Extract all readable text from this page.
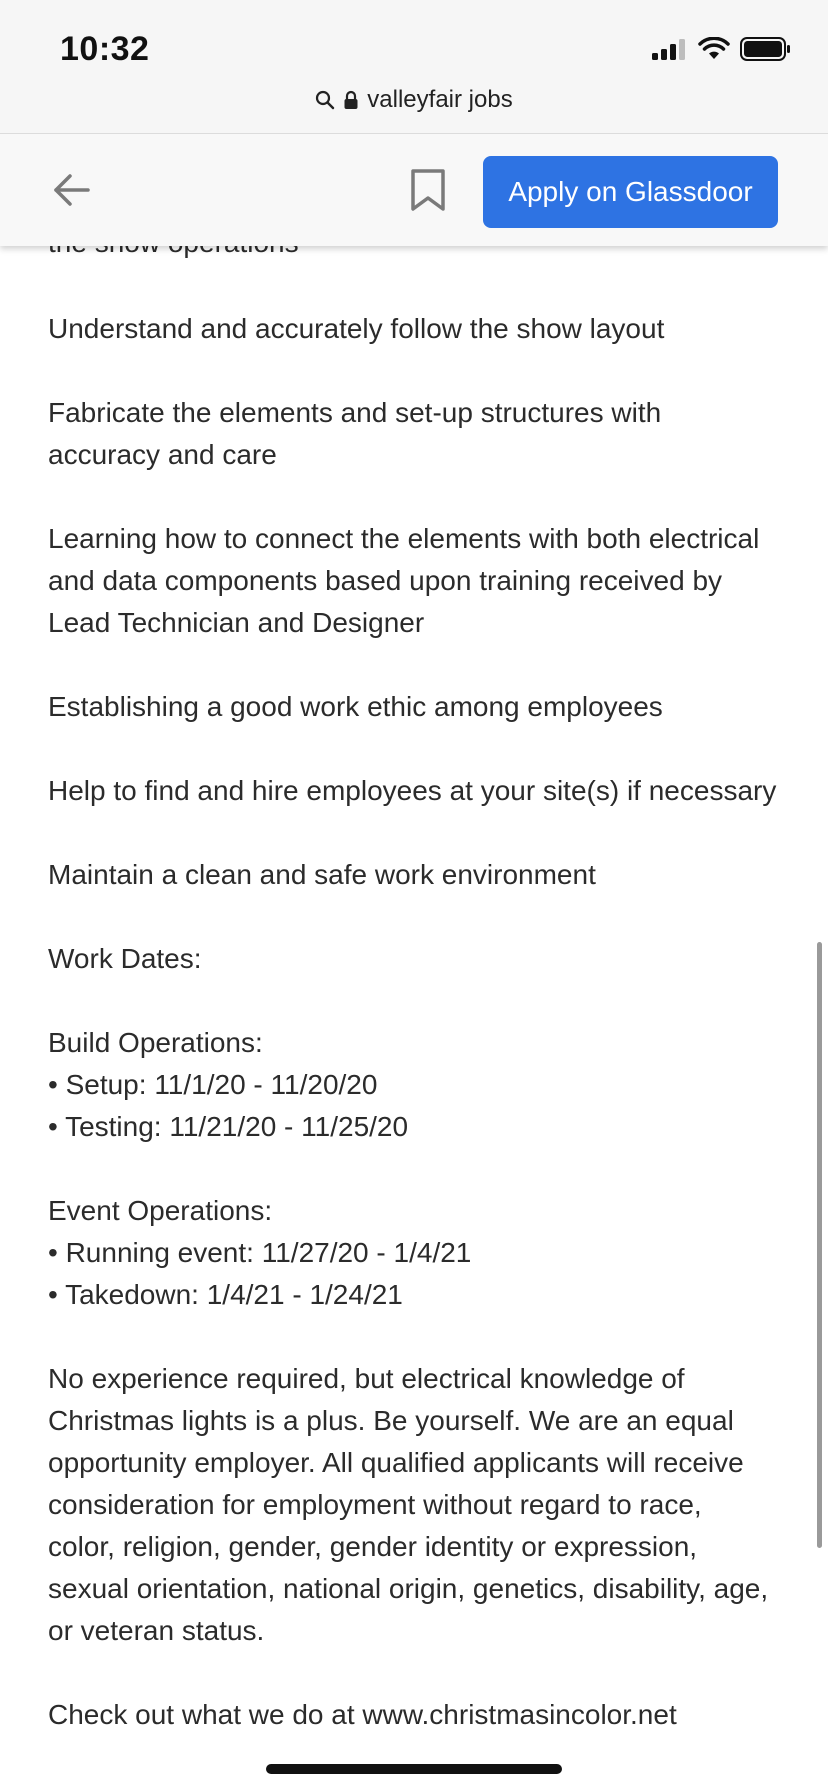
Understand and accurately follow the show layout

Fabricate the elements and set-up structures with
accuracy and care

Learning how to connect the elements with both electrical
and data components based upon training received by
Lead Technician and Designer

Establishing a good work ethic among employees

Help to find and hire employees at your site(s) if necessary

Maintain a clean and safe work environment

Work Dates:

Build Operations:
• Setup: 11/1/20 - 11/20/20
• Testing: 11/21/20 - 11/25/20

Event Operations:
• Running event: 11/27/20 - 1/4/21
• Takedown: 1/4/21 - 1/24/21

No experience required, but electrical knowledge of
Christmas lights is a plus. Be yourself. We are an equal
opportunity employer. All qualified applicants will receive
consideration for employment without regard to race,
color, religion, gender, gender identity or expression,
sexual orientation, national origin, genetics, disability, age,
or veteran status.

Check out what we do at www.christmasincolor.net

10:32
valleyfair jobs
Apply on Glassdoor
